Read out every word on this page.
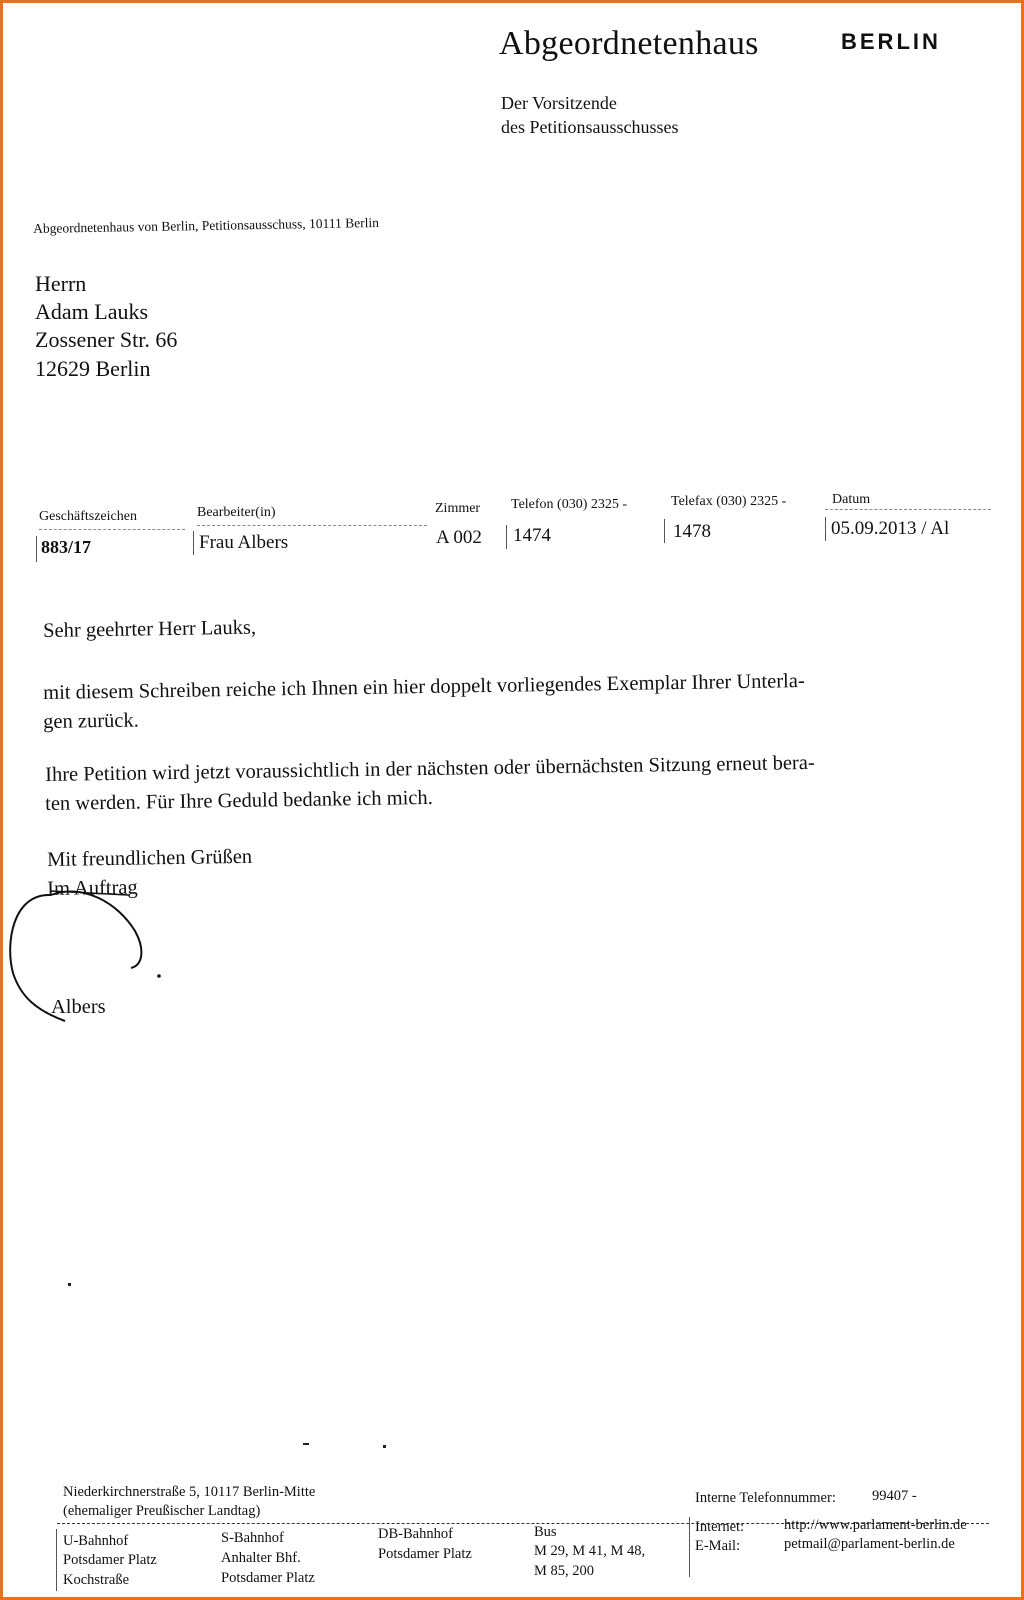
Abgeordnetenhaus	BERLIN
Der Vorsitzende
des Petitionsausschusses
Abgeordnetenhaus von Berlin, Petitionsausschuss, 10111 Berlin
Herrn
Adam Lauks
Zossener Str. 66
12629 Berlin
Geschäftszeichen
883/17
Bearbeiter(in)
Frau Albers
Zimmer
A 002
Telefon (030) 2325 -
1474
Telefax (030) 2325 -
1478
Datum
05.09.2013 / Al
Sehr geehrter Herr Lauks,
mit diesem Schreiben reiche ich Ihnen ein hier doppelt vorliegendes Exemplar Ihrer Unterla-
gen zurück.
Ihre Petition wird jetzt voraussichtlich in der nächsten oder übernächsten Sitzung erneut bera-
ten werden. Für Ihre Geduld bedanke ich mich.
Mit freundlichen Grüßen
Im Auftrag
Albers
Niederkirchnerstraße 5, 10117 Berlin-Mitte
(ehemaliger Preußischer Landtag)
Interne Telefonnummer: 99407 -
U-Bahnhof
Potsdamer Platz
Kochstraße
S-Bahnhof
Anhalter Bhf.
Potsdamer Platz
DB-Bahnhof
Potsdamer Platz
Bus
M 29, M 41, M 48,
M 85, 200
Internet:	http://www.parlament-berlin.de
E-Mail:	petmail@parlament-berlin.de
